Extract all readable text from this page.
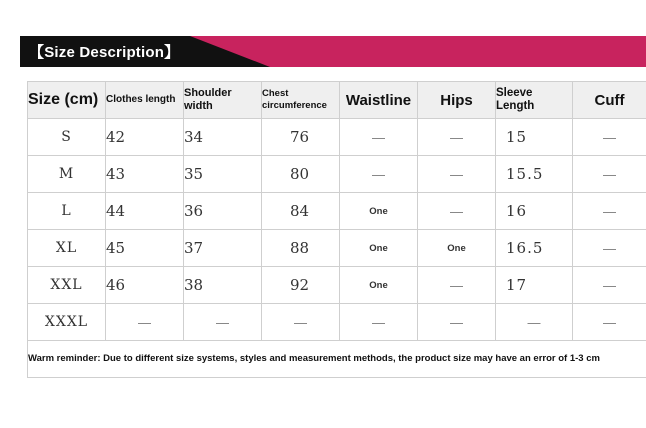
【Size Description】
Size (cm)	Clothes length	Shoulder width	Chest circumference	Waistline	Hips	Sleeve Length	Cuff
S	42	34	76	—	—	15	—
M	43	35	80	—	—	15.5	—
L	44	36	84	One	—	16	—
XL	45	37	88	One	One	16.5	—
XXL	46	38	92	One	—	17	—
XXXL	—	—	—	—	—	—	—
Warm reminder: Due to different size systems, styles and measurement methods, the product size may have an error of 1-3 cm							
